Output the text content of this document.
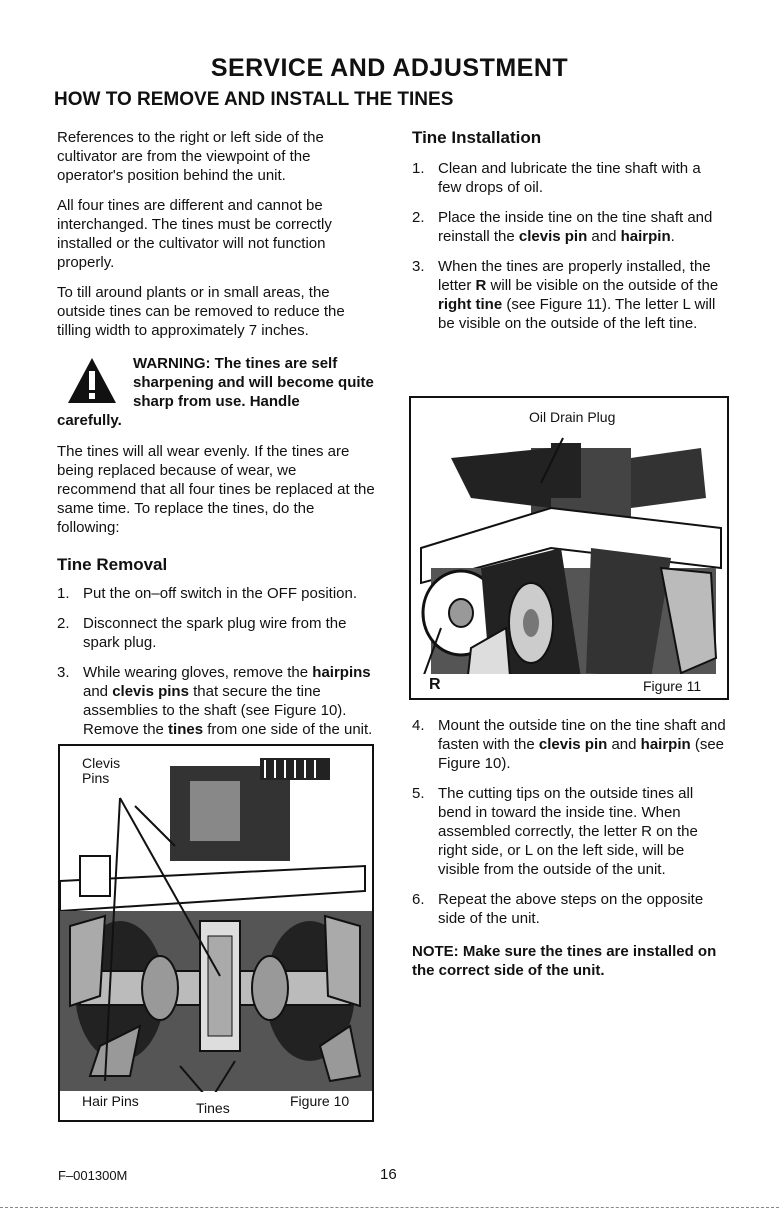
SERVICE AND ADJUSTMENT
HOW TO REMOVE AND INSTALL THE TINES

References to the right or left side of the cultivator are from the viewpoint of the operator's position behind the unit.

All four tines are different and cannot be interchanged. The tines must be correctly installed or the cultivator will not function properly.

To till around plants or in small areas, the outside tines can be removed to reduce the tilling width to approximately 7 inches.

WARNING: The tines are self sharpening and will become quite sharp from use. Handle
carefully.

The tines will all wear evenly. If the tines are being replaced because of wear, we recommend that all four tines be replaced at the same time. To replace the tines, do the following:

Tine Removal
1. Put the on–off switch in the OFF position.
2. Disconnect the spark plug wire from the spark plug.
3. While wearing gloves, remove the hairpins and clevis pins that secure the tine assemblies to the shaft (see Figure 10). Remove the tines from one side of the unit.
Clevis
Pins
Hair Pins	Tines	Figure 10
Tine Installation
1. Clean and lubricate the tine shaft with a few drops of oil.
2. Place the inside tine on the tine shaft and reinstall the clevis pin and hairpin.
3. When the tines are properly installed, the letter R will be visible on the outside of the right tine (see Figure 11). The letter L will be visible on the outside of the left tine.
Oil Drain Plug
R	Figure 11
4. Mount the outside tine on the tine shaft and fasten with the clevis pin and hairpin (see Figure 10).
5. The cutting tips on the outside tines all bend in toward the inside tine. When assembled correctly, the letter R on the right side, or L on the left side, will be visible from the outside of the unit.
6. Repeat the above steps on the opposite side of the unit.

NOTE: Make sure the tines are installed on the correct side of the unit.

F–001300M	16
